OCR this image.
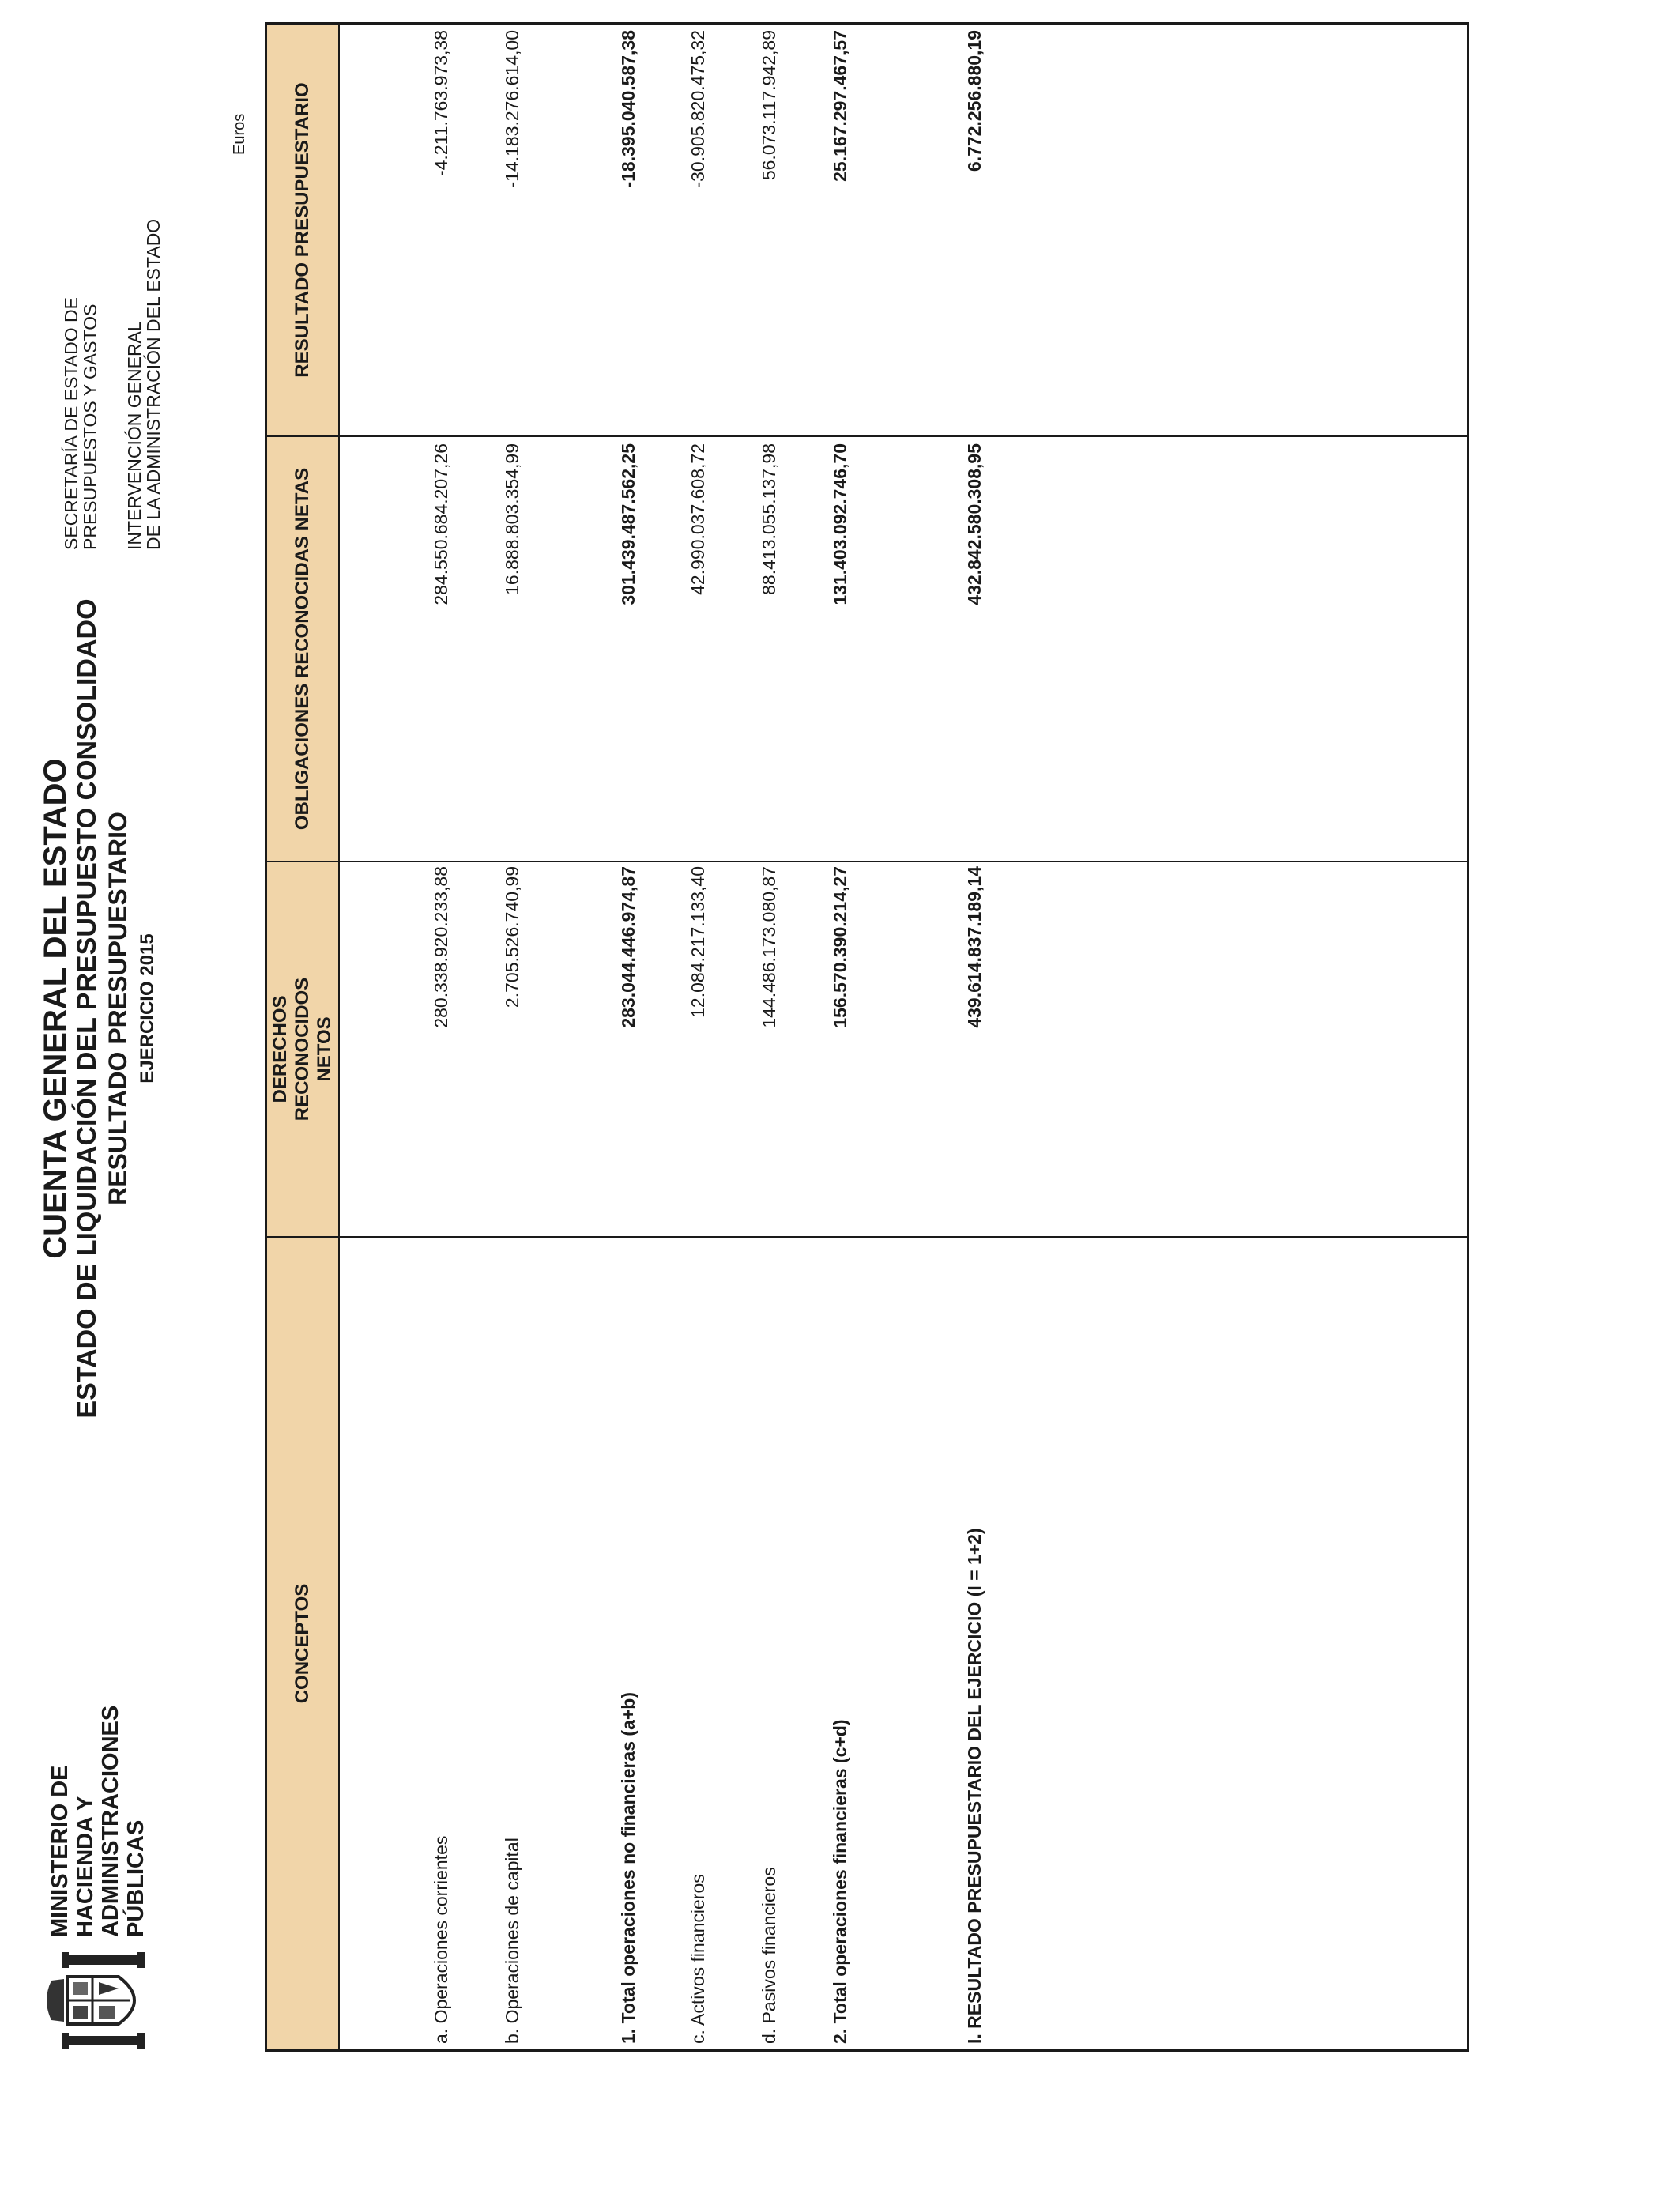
MINISTERIO DE HACIENDA Y ADMINISTRACIONES PÚBLICAS
CUENTA GENERAL DEL ESTADO ESTADO DE LIQUIDACIÓN DEL PRESUPUESTO CONSOLIDADO RESULTADO PRESUPUESTARIO EJERCICIO 2015
SECRETARÍA DE ESTADO DE
PRESUPUESTOS Y GASTOS INTERVENCIÓN GENERAL
DE LA ADMINISTRACIÓN DEL ESTADO
Euros
CONCEPTOS
DERECHOS RECONOCIDOS NETOS
OBLIGACIONES RECONOCIDAS NETAS
RESULTADO PRESUPUESTARIO
a. Operaciones corrientes
280.338.920.233,88
284.550.684.207,26
-4.211.763.973,38
b. Operaciones de capital
2.705.526.740,99
16.888.803.354,99
-14.183.276.614,00
1. Total operaciones no financieras (a+b)
283.044.446.974,87
301.439.487.562,25
-18.395.040.587,38
c. Activos financieros
12.084.217.133,40
42.990.037.608,72
-30.905.820.475,32
d. Pasivos financieros
144.486.173.080,87
88.413.055.137,98
56.073.117.942,89
2. Total operaciones financieras (c+d)
156.570.390.214,27
131.403.092.746,70
25.167.297.467,57
I. RESULTADO PRESUPUESTARIO DEL EJERCICIO (I = 1+2)
439.614.837.189,14
432.842.580.308,95
6.772.256.880,19
